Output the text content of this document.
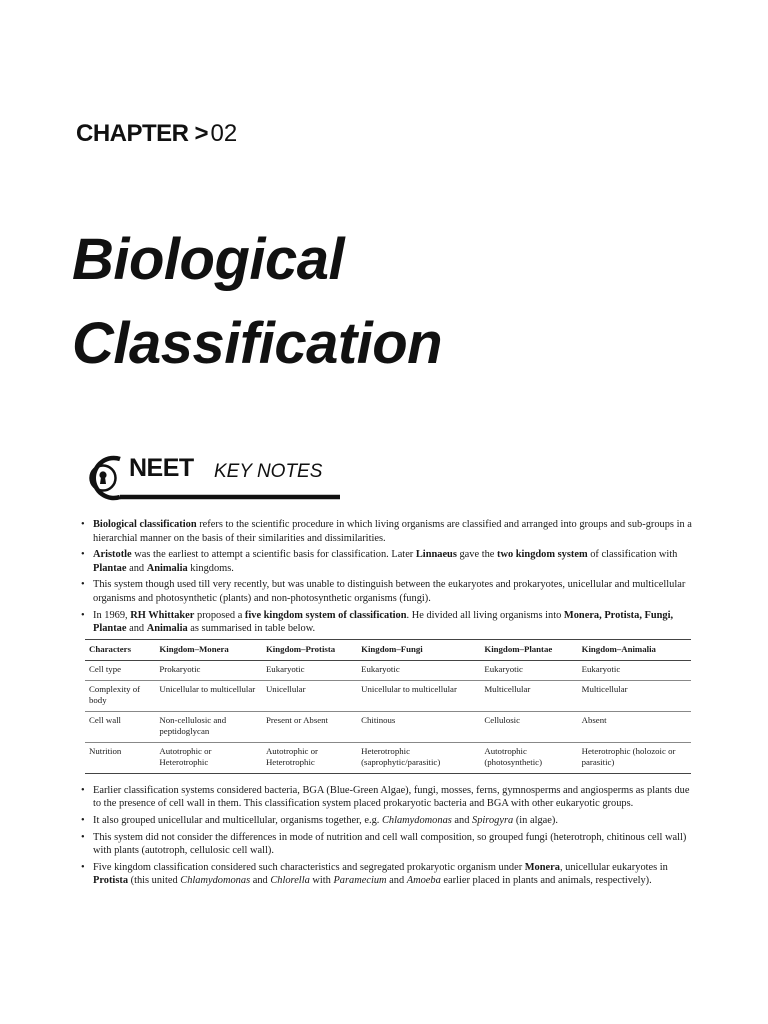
CHAPTER >02
Biological
Classification
NEET KEY NOTES
• Biological classification refers to the scientific procedure in which living organisms are classified and arranged into groups and sub-groups in a hierarchial manner on the basis of their similarities and dissimilarities.
• Aristotle was the earliest to attempt a scientific basis for classification. Later Linnaeus gave the two kingdom system of classification with Plantae and Animalia kingdoms.
• This system though used till very recently, but was unable to distinguish between the eukaryotes and prokaryotes, unicellular and multicellular organisms and photosynthetic (plants) and non-photosynthetic organisms (fungi).
• In 1969, RH Whittaker proposed a five kingdom system of classification. He divided all living organisms into Monera, Protista, Fungi, Plantae and Animalia as summarised in table below.
Characters	Kingdom–Monera	Kingdom–Protista	Kingdom–Fungi	Kingdom–Plantae	Kingdom–Animalia
Cell type	Prokaryotic	Eukaryotic	Eukaryotic	Eukaryotic	Eukaryotic
Complexity of body	Unicellular to multicellular	Unicellular	Unicellular to multicellular	Multicellular	Multicellular
Cell wall	Non-cellulosic and peptidoglycan	Present or Absent	Chitinous	Cellulosic	Absent
Nutrition	Autotrophic or Heterotrophic	Autotrophic or Heterotrophic	Heterotrophic (saprophytic/parasitic)	Autotrophic (photosynthetic)	Heterotrophic (holozoic or parasitic)
• Earlier classification systems considered bacteria, BGA (Blue-Green Algae), fungi, mosses, ferns, gymnosperms and angiosperms as plants due to the presence of cell wall in them. This classification system placed prokaryotic bacteria and BGA with other eukaryotic groups.
• It also grouped unicellular and multicellular, organisms together, e.g. Chlamydomonas and Spirogyra (in algae).
• This system did not consider the differences in mode of nutrition and cell wall composition, so grouped fungi (heterotroph, chitinous cell wall) with plants (autotroph, cellulosic cell wall).
• Five kingdom classification considered such characteristics and segregated prokaryotic organism under Monera, unicellular eukaryotes in Protista (this united Chlamydomonas and Chlorella with Paramecium and Amoeba earlier placed in plants and animals, respectively).
